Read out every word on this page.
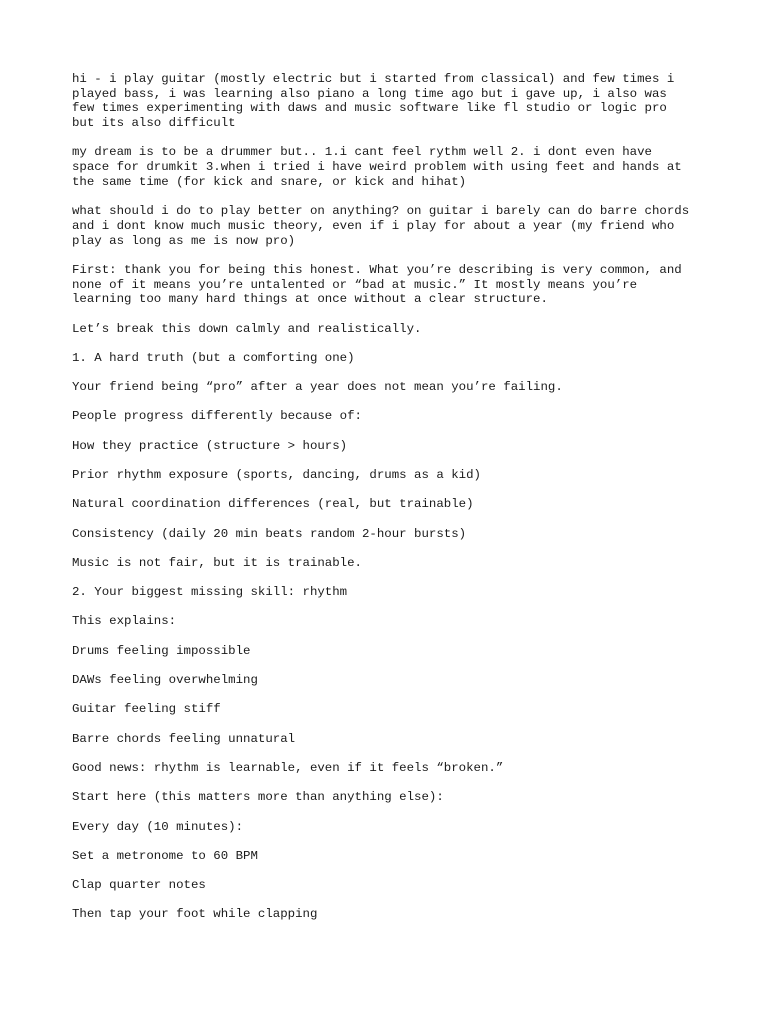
hi - i play guitar (mostly electric but i started from classical) and few times i
played bass, i was learning also piano a long time ago but i gave up, i also was
few times experimenting with daws and music software like fl studio or logic pro
but its also difficult

my dream is to be a drummer but.. 1.i cant feel rythm well 2. i dont even have
space for drumkit 3.when i tried i have weird problem with using feet and hands at
the same time (for kick and snare, or kick and hihat)

what should i do to play better on anything? on guitar i barely can do barre chords
and i dont know much music theory, even if i play for about a year (my friend who
play as long as me is now pro)

First: thank you for being this honest. What you’re describing is very common, and
none of it means you’re untalented or “bad at music.” It mostly means you’re
learning too many hard things at once without a clear structure.

Let’s break this down calmly and realistically.

1. A hard truth (but a comforting one)

Your friend being “pro” after a year does not mean you’re failing.

People progress differently because of:

How they practice (structure > hours)

Prior rhythm exposure (sports, dancing, drums as a kid)

Natural coordination differences (real, but trainable)

Consistency (daily 20 min beats random 2-hour bursts)

Music is not fair, but it is trainable.

2. Your biggest missing skill: rhythm

This explains:

Drums feeling impossible

DAWs feeling overwhelming

Guitar feeling stiff

Barre chords feeling unnatural

Good news: rhythm is learnable, even if it feels “broken.”

Start here (this matters more than anything else):

Every day (10 minutes):

Set a metronome to 60 BPM

Clap quarter notes

Then tap your foot while clapping
